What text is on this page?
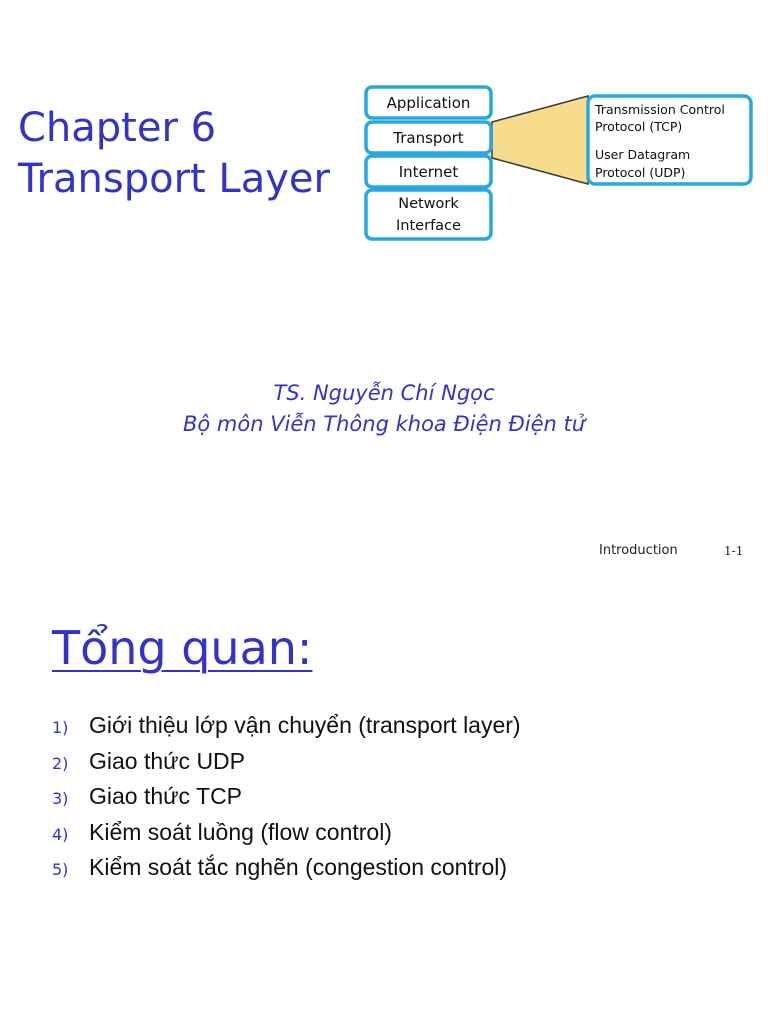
Chapter 6
Transport Layer
Application
Transport
Internet
Network
Interface
Transmission Control
Protocol (TCP)
User Datagram
Protocol (UDP)

TS. Nguyễn Chí Ngọc

Bộ môn Viễn Thông khoa Điện Điện tử

Introduction	1-1

Tổng quan:
1) Giới thiệu lớp vận chuyển (transport layer)
2) Giao thức UDP
3) Giao thức TCP
4) Kiểm soát luồng (flow control)
5) Kiểm soát tắc nghẽn (congestion control)
